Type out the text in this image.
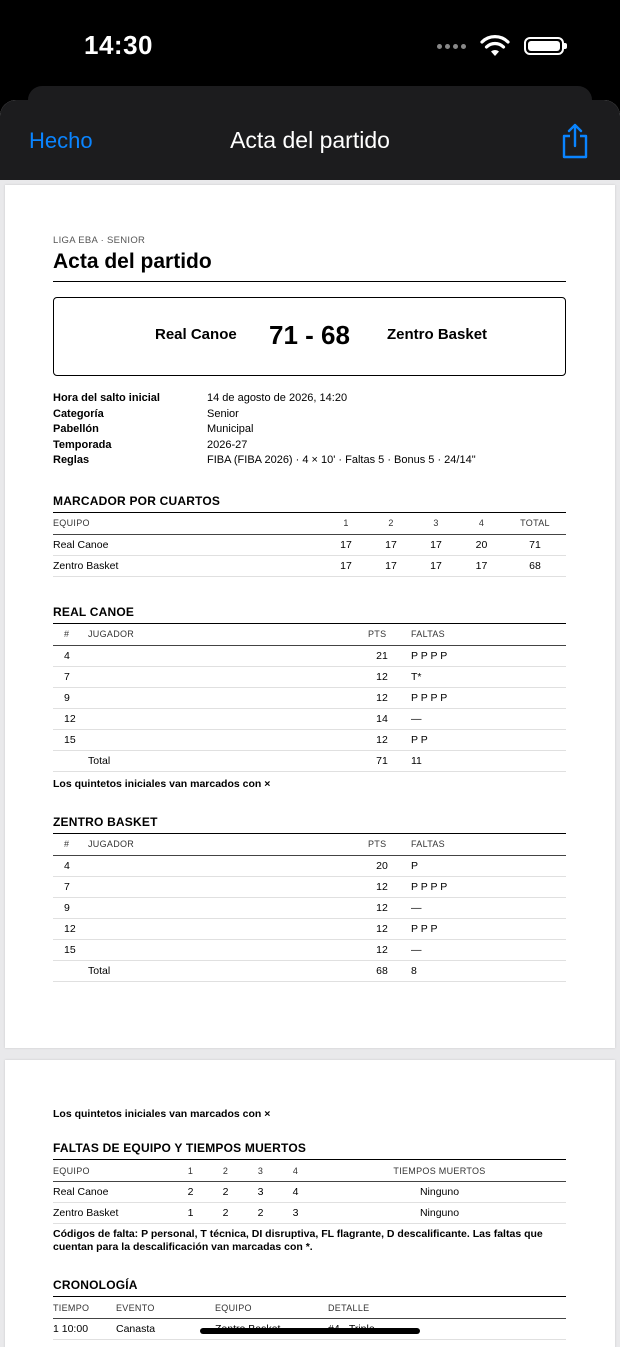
14:30
Hecho	Acta del partido
LIGA EBA · SENIOR
Acta del partido
Real Canoe	71 - 68	Zentro Basket
Hora del salto inicial	14 de agosto de 2026, 14:20
Categoría	Senior
Pabellón	Municipal
Temporada	2026-27
Reglas	FIBA (FIBA 2026) · 4 × 10' · Faltas 5 · Bonus 5 · 24/14"
MARCADOR POR CUARTOS
EQUIPO	1	2	3	4	TOTAL
Real Canoe	17	17	17	20	71
Zentro Basket	17	17	17	17	68
REAL CANOE
#	JUGADOR	PTS		FALTAS
4		21		P P P P
7		12		T*
9		12		P P P P
12		14		—
15		12		P P
	Total	71		11
Los quintetos iniciales van marcados con ×
ZENTRO BASKET
#	JUGADOR	PTS		FALTAS
4		20		P
7		12		P P P P
9		12		—
12		12		P P P
15		12		—
	Total	68		8
Los quintetos iniciales van marcados con ×
FALTAS DE EQUIPO Y TIEMPOS MUERTOS
EQUIPO	1	2	3	4	TIEMPOS MUERTOS
Real Canoe	2	2	3	4	Ninguno
Zentro Basket	1	2	2	3	Ninguno
Códigos de falta: P personal, T técnica, DI disruptiva, FL flagrante, D descalificante. Las faltas que cuentan para la descalificación van marcadas con *.
CRONOLOGÍA
TIEMPO	EVENTO	EQUIPO	DETALLE
1 10:00	Canasta		
